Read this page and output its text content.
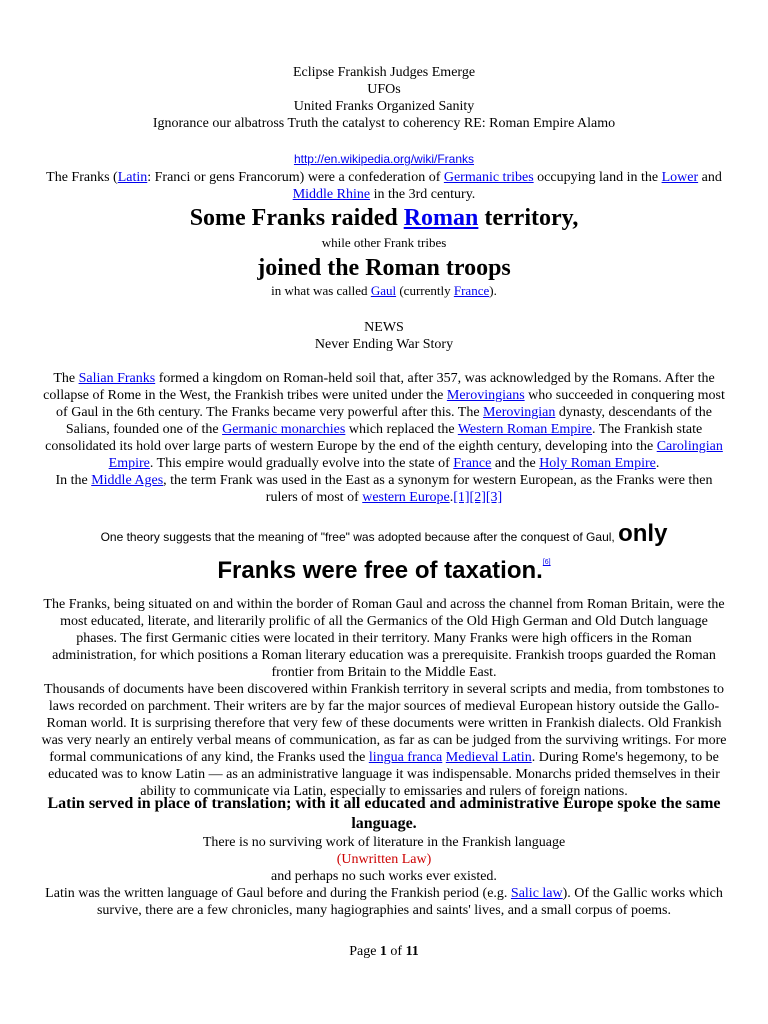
Eclipse Frankish Judges Emerge
UFOs
United Franks Organized Sanity
Ignorance our albatross Truth the catalyst to coherency RE: Roman Empire Alamo
http://en.wikipedia.org/wiki/Franks
The Franks (Latin: Franci or gens Francorum) were a confederation of Germanic tribes occupying land in the Lower and Middle Rhine in the 3rd century.
Some Franks raided Roman territory,
while other Frank tribes
joined the Roman troops
in what was called Gaul (currently France).
NEWS
Never Ending War Story
The Salian Franks formed a kingdom on Roman-held soil that, after 357, was acknowledged by the Romans. After the collapse of Rome in the West, the Frankish tribes were united under the Merovingians who succeeded in conquering most of Gaul in the 6th century. The Franks became very powerful after this. The Merovingian dynasty, descendants of the Salians, founded one of the Germanic monarchies which replaced the Western Roman Empire. The Frankish state consolidated its hold over large parts of western Europe by the end of the eighth century, developing into the Carolingian Empire. This empire would gradually evolve into the state of France and the Holy Roman Empire.
In the Middle Ages, the term Frank was used in the East as a synonym for western European, as the Franks were then rulers of most of western Europe.[1][2][3]
One theory suggests that the meaning of "free" was adopted because after the conquest of Gaul, only
Franks were free of taxation.[6]
The Franks, being situated on and within the border of Roman Gaul and across the channel from Roman Britain, were the most educated, literate, and literarily prolific of all the Germanics of the Old High German and Old Dutch language phases. The first Germanic cities were located in their territory. Many Franks were high officers in the Roman administration, for which positions a Roman literary education was a prerequisite. Frankish troops guarded the Roman frontier from Britain to the Middle East.
Thousands of documents have been discovered within Frankish territory in several scripts and media, from tombstones to laws recorded on parchment. Their writers are by far the major sources of medieval European history outside the Gallo-Roman world. It is surprising therefore that very few of these documents were written in Frankish dialects. Old Frankish was very nearly an entirely verbal means of communication, as far as can be judged from the surviving writings. For more formal communications of any kind, the Franks used the lingua franca Medieval Latin. During Rome's hegemony, to be educated was to know Latin — as an administrative language it was indispensable. Monarchs prided themselves in their ability to communicate via Latin, especially to emissaries and rulers of foreign nations.
Latin served in place of translation; with it all educated and administrative Europe spoke the same language.
There is no surviving work of literature in the Frankish language
(Unwritten Law)
and perhaps no such works ever existed.
Latin was the written language of Gaul before and during the Frankish period (e.g. Salic law). Of the Gallic works which survive, there are a few chronicles, many hagiographies and saints' lives, and a small corpus of poems.
Page 1 of 11
